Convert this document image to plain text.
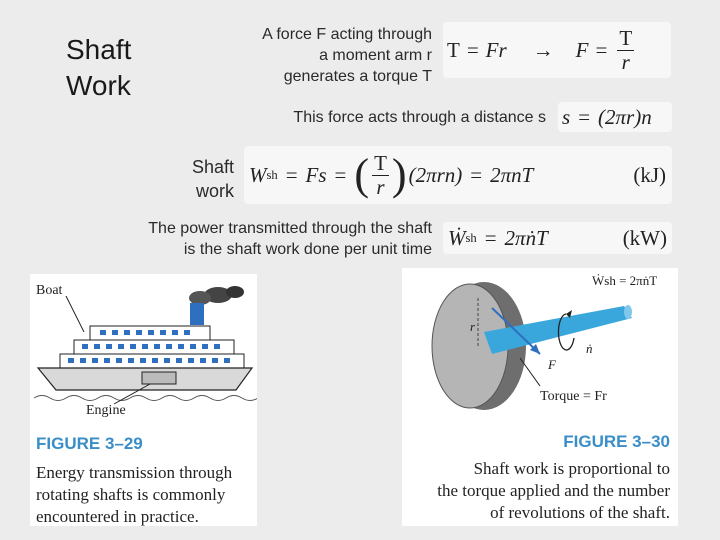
Shaft
Work
A force F acting through
a moment arm r
generates a torque T
$T = Fr \to F = \frac{T}{r}$
This force acts through a distance s s = (2πr)n
Shaft
work
W sh = Fs = ( $\frac{T}{r}$ ) (2πrn) = 2πnT	(kJ)
The power transmitted through the shaft
is the shaft work done per unit time Ẇ sh = 2πṅT	(kW)
Boat
Engine
FIGURE 3–29
Energy transmission through
rotating shafts is commonly
encountered in practice.
Ẇsh = 2πṅT
r
ṅ
F
Torque = Fr
FIGURE 3–30
Shaft work is proportional to
the torque applied and the number
of revolutions of the shaft.
